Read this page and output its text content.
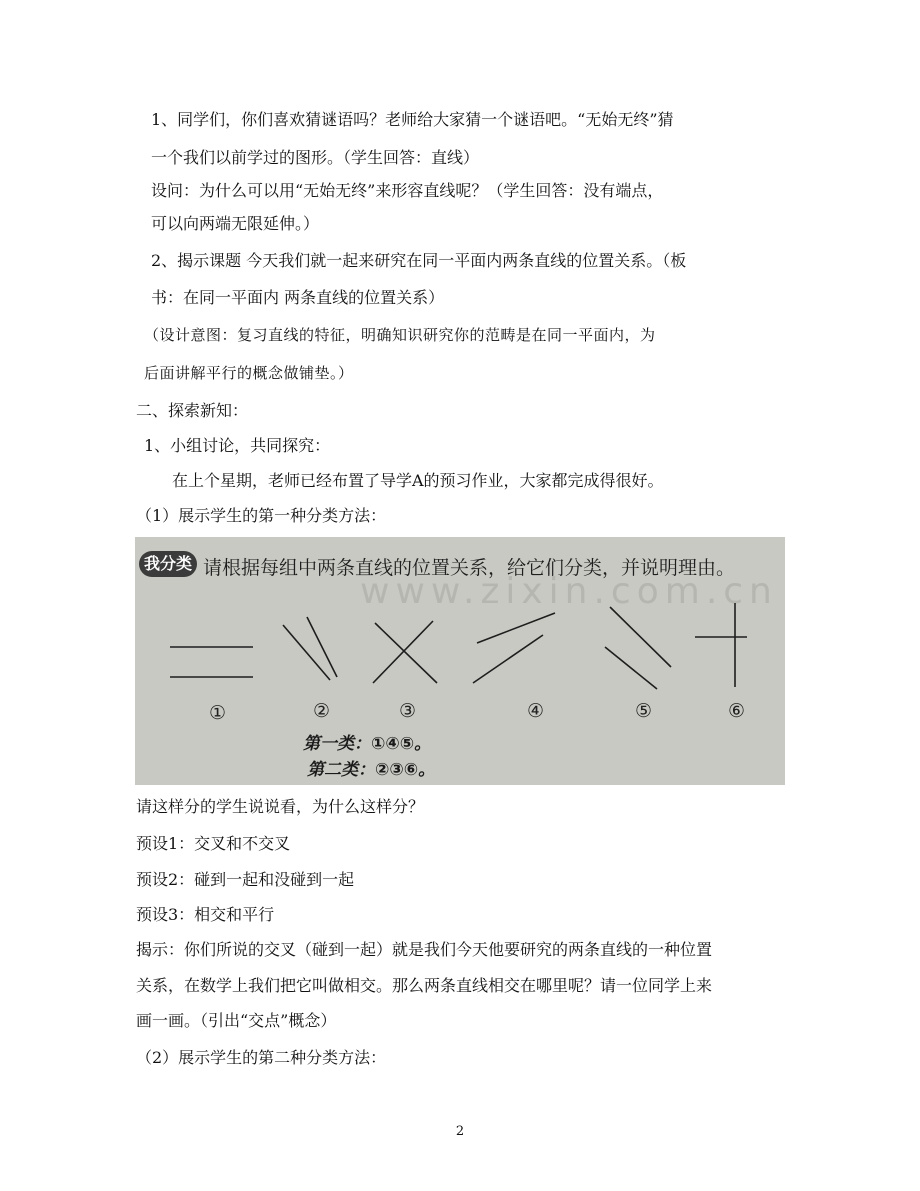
1、同学们，你们喜欢猜谜语吗？老师给大家猜一个谜语吧。“无始无终”猜
一个我们以前学过的图形。（学生回答：直线）
设问：为什么可以用“无始无终”来形容直线呢？（学生回答：没有端点，
可以向两端无限延伸。）
2、揭示课题 今天我们就一起来研究在同一平面内两条直线的位置关系。（板
书：在同一平面内 两条直线的位置关系）
（设计意图：复习直线的特征，明确知识研究你的范畴是在同一平面内，为
后面讲解平行的概念做铺垫。）
二、探索新知：
1、小组讨论，共同探究：
在上个星期，老师已经布置了导学A的预习作业，大家都完成得很好。
（1）展示学生的第一种分类方法：
www.zixin.com.cn
我分类 请根据每组中两条直线的位置关系，给它们分类，并说明理由。
①	②	③	④	⑤	⑥
第一类：①④⑤。
第二类：②③⑥。
请这样分的学生说说看，为什么这样分？
预设1：交叉和不交叉
预设2：碰到一起和没碰到一起
预设3：相交和平行
揭示：你们所说的交叉（碰到一起）就是我们今天他要研究的两条直线的一种位置
关系，在数学上我们把它叫做相交。那么两条直线相交在哪里呢？请一位同学上来
画一画。（引出“交点”概念）
（2）展示学生的第二种分类方法：
2
